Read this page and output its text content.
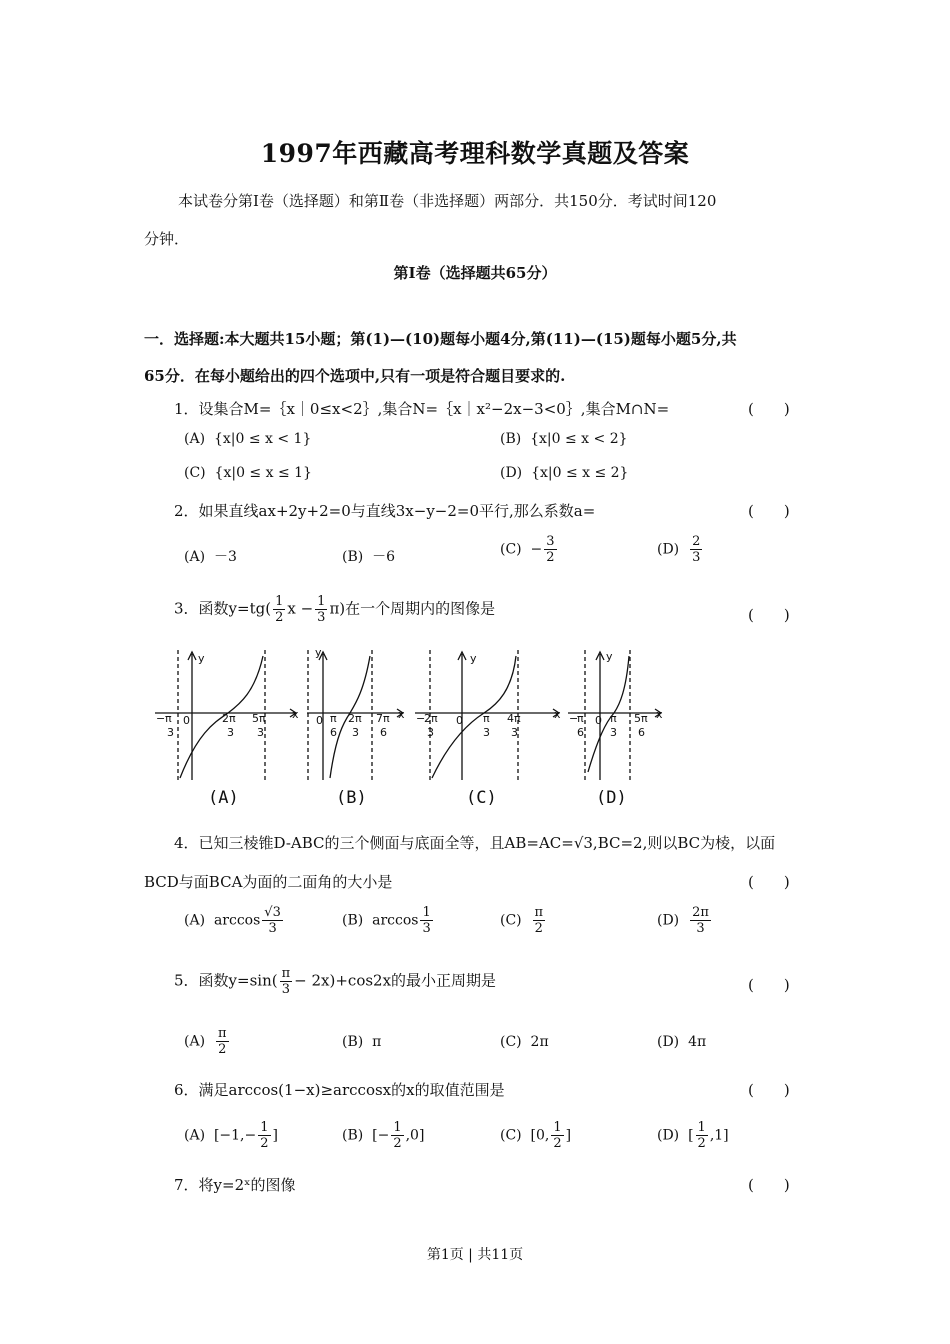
1997年西藏高考理科数学真题及答案
本试卷分第Ⅰ卷（选择题）和第Ⅱ卷（非选择题）两部分．共150分．考试时间120
分钟．
第Ⅰ卷（选择题共65分）
一．选择题:本大题共15小题；第(1)—(10)题每小题4分,第(11)—(15)题每小题5分,共
65分．在每小题给出的四个选项中,只有一项是符合题目要求的.
1．设集合M=｛x｜0≤x<2｝,集合N=｛x｜x²−2x−3<0｝,集合M∩N=	(　　)
(A) {x|0 ≤ x < 1}	(B) {x|0 ≤ x < 2}
(C) {x|0 ≤ x ≤ 1}	(D) {x|0 ≤ x ≤ 2}
2．如果直线ax+2y+2=0与直线3x−y−2=0平行,那么系数a=	(　　)
(A) －3	(B) －6	$(C) - \frac{3}{2}$	$(D) \frac{2}{3}$
3．函数$y=tg( \frac{1}{2}$ $x - \frac{1}{3} \pi$)在一个周期内的图像是	(　　)
y
x
0
− π
3
2π
3
5π
3
y
x
0 π
6
2π
3
7π
6
y
x
0
−
2π
3
π
3
4π
3
y
x
0
−
π
6
π
3
5π
6
(A)	(B)	(C)	(D)
4．已知三棱锥D-ABC的三个侧面与底面全等，且AB=AC=√3,BC=2,则以BC为棱，以面
BCD与面BCA为面的二面角的大小是	(　　)
(A) $\arccos \frac{√3}{3}$	(B) $\arccos \frac{1}{3}$	$(C) \frac{\pi}{2}$	$(D) \frac{2\pi}{3}$
5．函数$y=\sin( \frac{\pi}{3} - 2x)+\cos 2x$的最小正周期是	(　　)
$(A) \frac{\pi}{2}$	(B) π	(C) 2π	(D) 4π
6．满足arccos(1−x)≥arccosx的x的取值范围是	(　　)
(A) [$-1,- \frac{1}{2}$ ]	(B) [− $\frac{1}{2} ,0$]	(C) [0, $\frac{1}{2}$ ]	(D) [ $\frac{1}{2} ,1$]
7．将y=2ˣ的图像	(　　)
第1页 | 共11页
